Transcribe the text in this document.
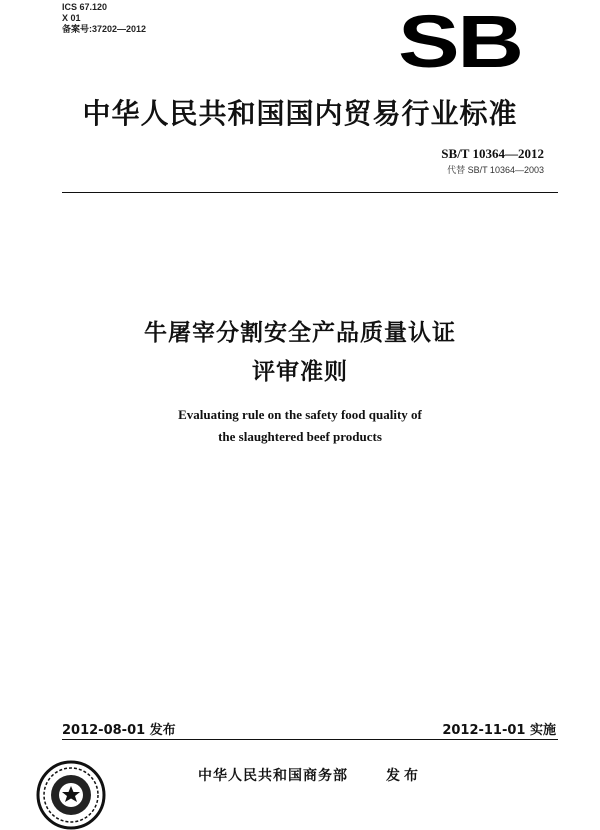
ICS 67.120
X 01
备案号:37202—2012	SB
中华人民共和国国内贸易行业标准
SB/T 10364—2012
代替 SB/T 10364—2003
牛屠宰分割安全产品质量认证
评审准则
Evaluating rule on the safety food quality of
the slaughtered beef products
2012-08-01 发布	2012-11-01 实施
中华人民共和国商务部	发布
